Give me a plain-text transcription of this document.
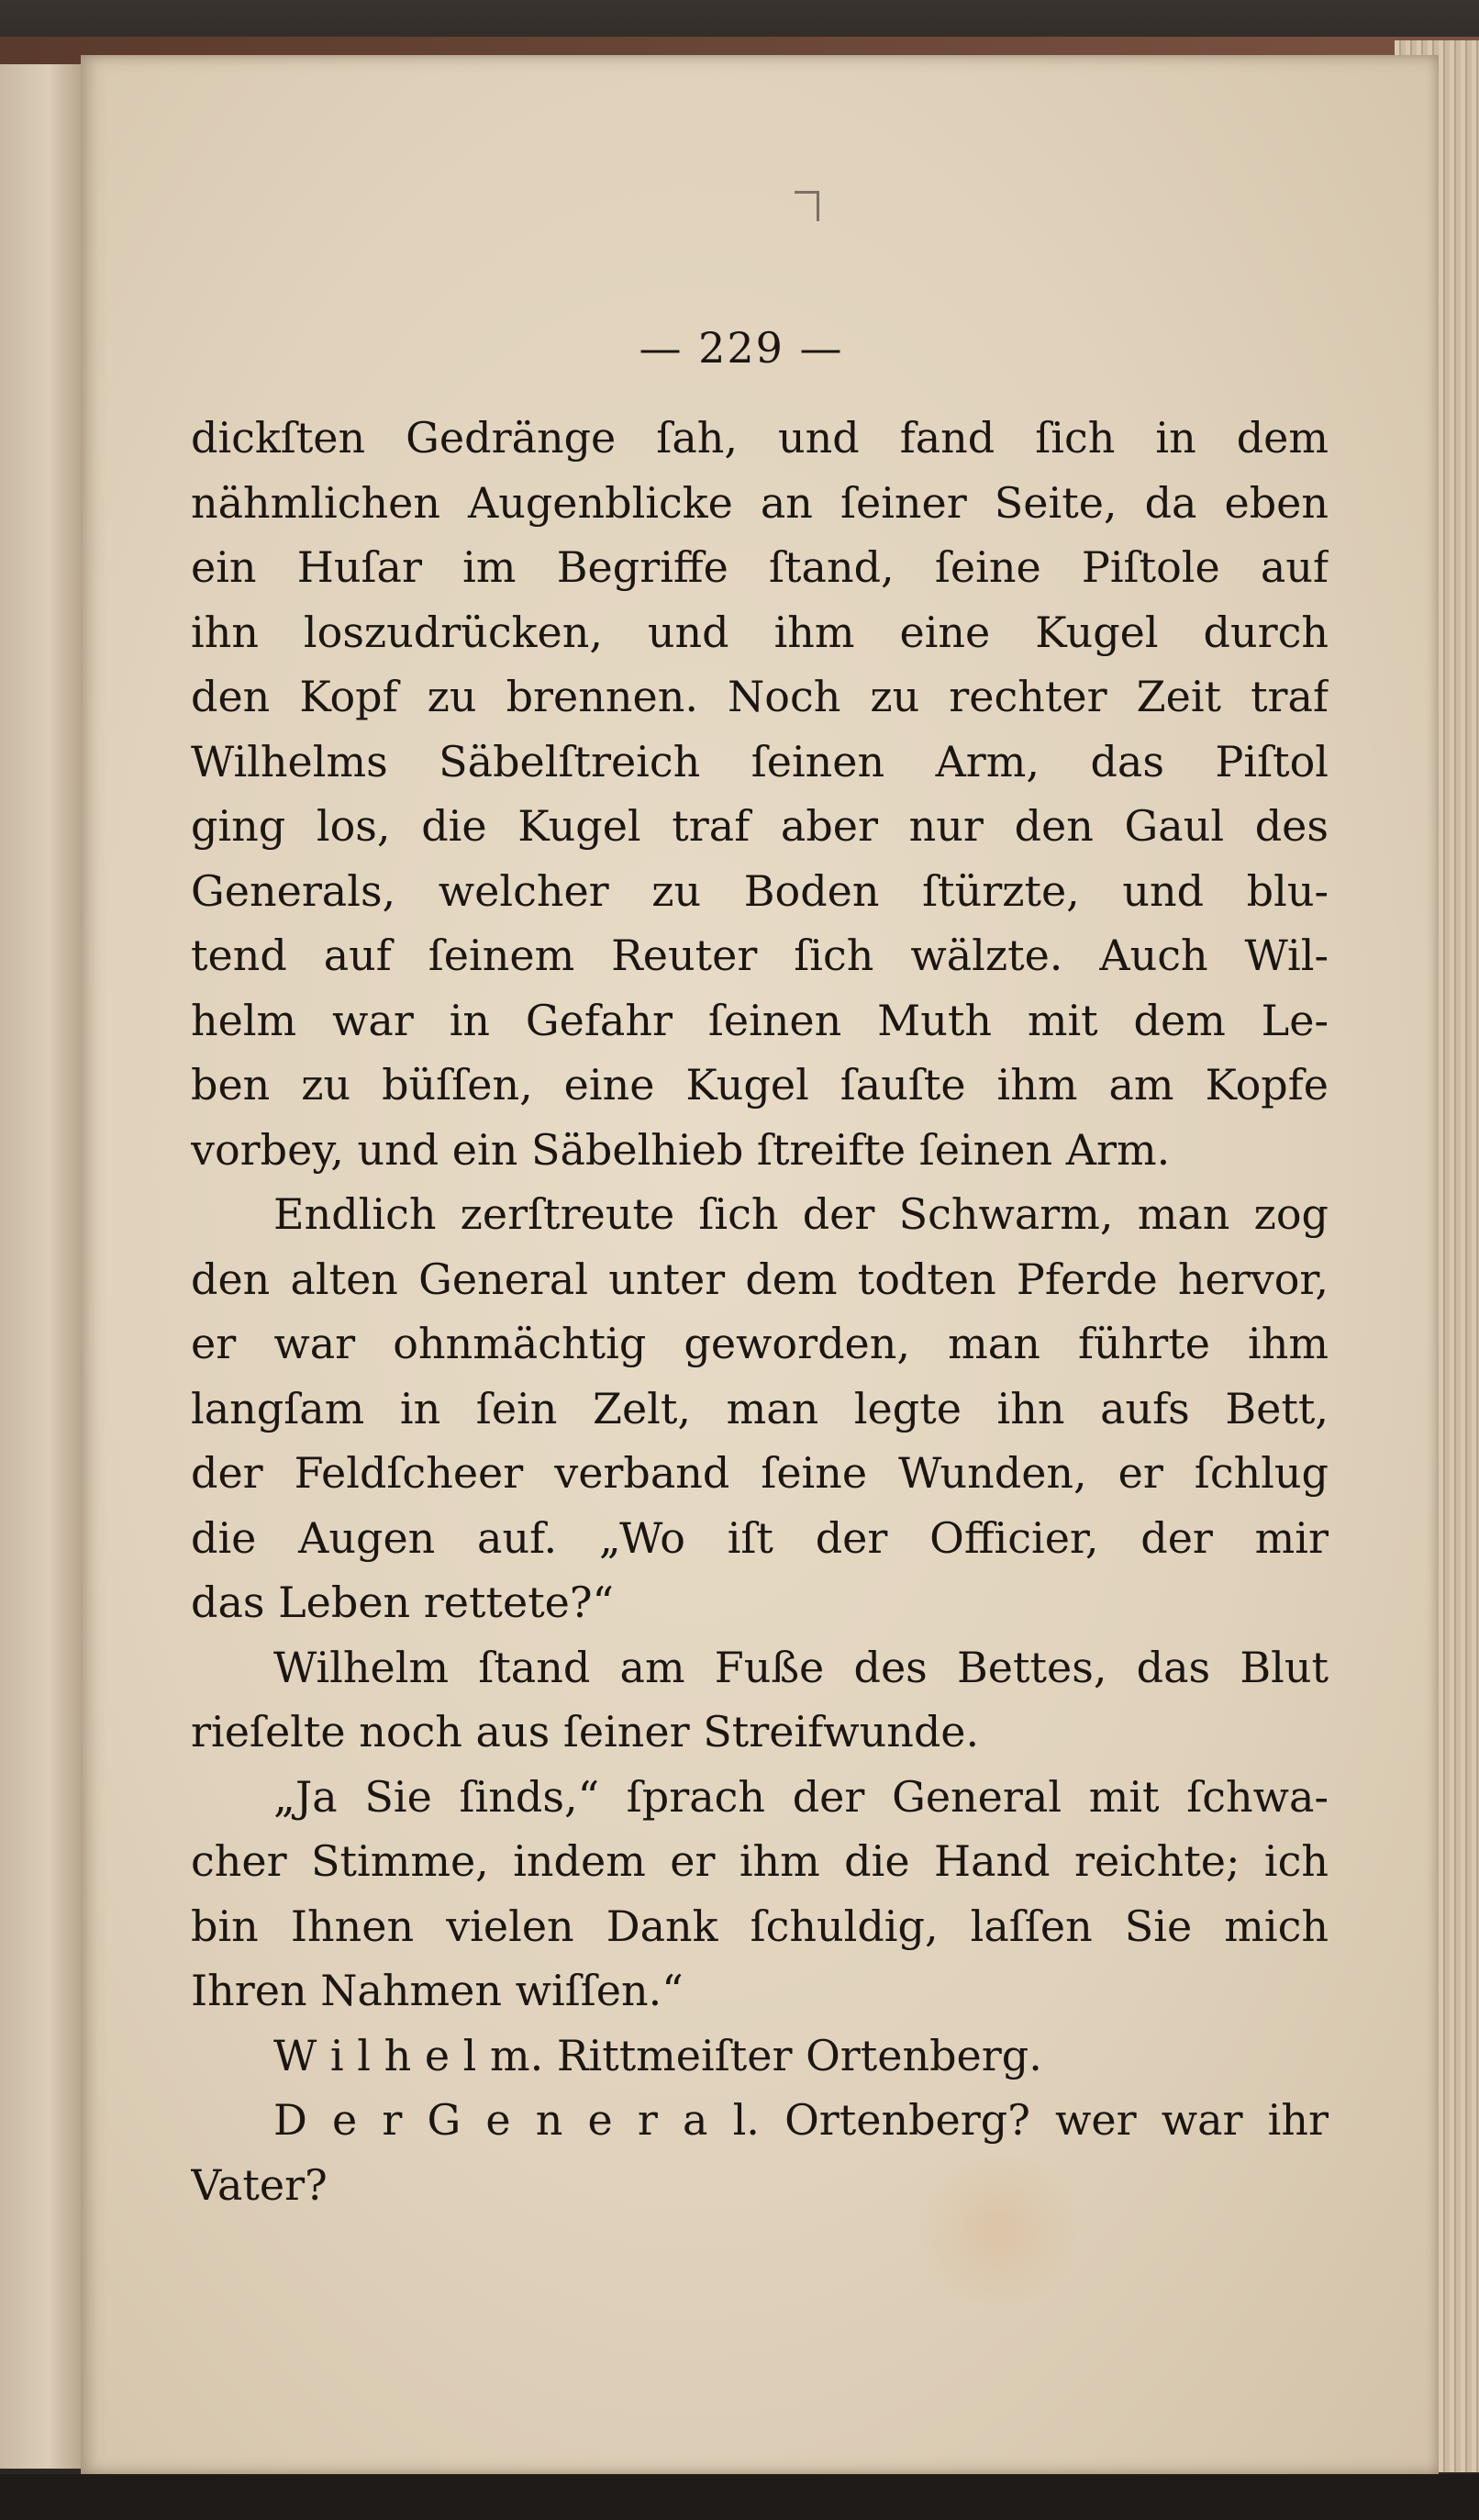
— 229 —
dickſten Gedränge ſah, und fand ſich in dem
nähmlichen Augenblicke an ſeiner Seite, da eben
ein Huſar im Begriffe ſtand, ſeine Piſtole auf
ihn loszudrücken, und ihm eine Kugel durch
den Kopf zu brennen. Noch zu rechter Zeit traf
Wilhelms Säbelſtreich ſeinen Arm, das Piſtol
ging los, die Kugel traf aber nur den Gaul des
Generals, welcher zu Boden ſtürzte, und blu-
tend auf ſeinem Reuter ſich wälzte. Auch Wil-
helm war in Gefahr ſeinen Muth mit dem Le-
ben zu büſſen, eine Kugel ſauſte ihm am Kopfe
vorbey, und ein Säbelhieb ſtreifte ſeinen Arm.
Endlich zerſtreute ſich der Schwarm, man zog
den alten General unter dem todten Pferde hervor,
er war ohnmächtig geworden, man führte ihm
langſam in ſein Zelt, man legte ihn aufs Bett,
der Feldſcheer verband ſeine Wunden, er ſchlug
die Augen auf. „Wo iſt der Officier, der mir
das Leben rettete?“
Wilhelm ſtand am Fuße des Bettes, das Blut
rieſelte noch aus ſeiner Streifwunde.
„Ja Sie ſinds,“ ſprach der General mit ſchwa-
cher Stimme, indem er ihm die Hand reichte; ich
bin Ihnen vielen Dank ſchuldig, laſſen Sie mich
Ihren Nahmen wiſſen.“
W i l h e l m. Rittmeiſter Ortenberg.
D e r G e n e r a l. Ortenberg? wer war ihr
Vater?
